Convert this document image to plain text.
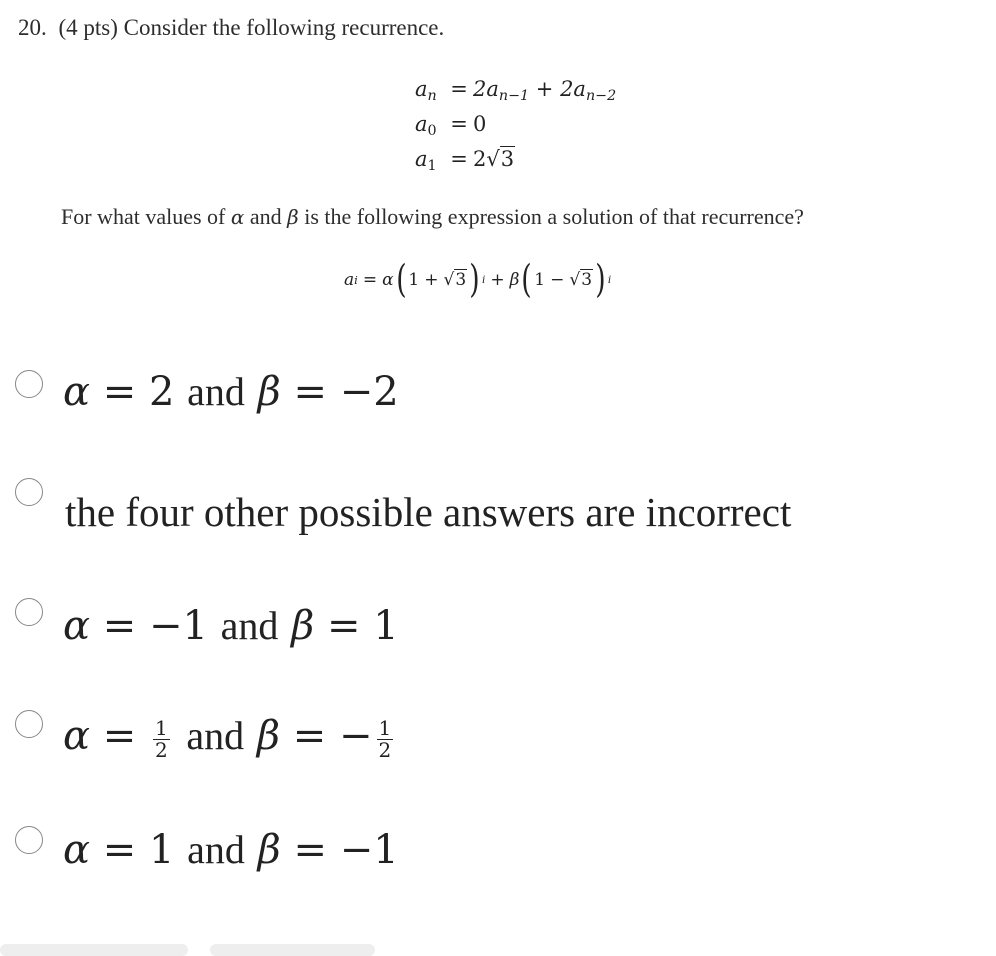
20. (4 pts) Consider the following recurrence.
$a_n = 2a_{n-1} + 2a_{n-2}$
$a_0 = 0$
$a_1 = 2√3$
For what values of α and β is the following expression a solution of that recurrence?
a i = α ( 1 + √3 ) i + β ( 1 − √3 ) i
α = 2 and β = −2
the four other possible answers are incorrect
α = −1 and β = 1
$\alpha = \frac{1}{2}$ and β = − $\frac{1}{2}$
α = 1 and β = −1
